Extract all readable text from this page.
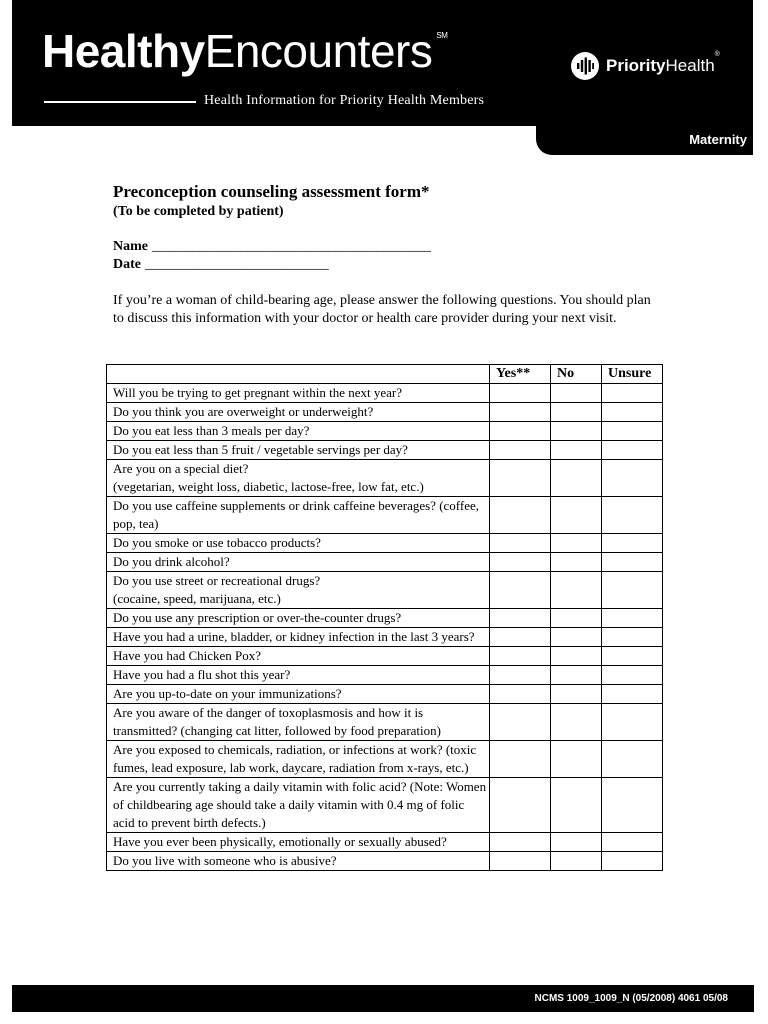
HealthyEncounters ℠
Health Information for Priority Health Members
PriorityHealth®
Maternity
Preconception counseling assessment form*
(To be completed by patient)
Name _________________________________________
Date ___________________________
If you’re a woman of child-bearing age, please answer the following questions. You should plan to discuss this information with your doctor or health care provider during your next visit.
	Yes**	No	Unsure
Will you be trying to get pregnant within the next year?			
Do you think you are overweight or underweight?			
Do you eat less than 3 meals per day?			
Do you eat less than 5 fruit / vegetable servings per day?			

Are you on a special diet?
(vegetarian, weight loss, diabetic, lactose-free, low fat, etc.)			

Do you use caffeine supplements or drink caffeine beverages? (coffee, pop, tea)			
Do you smoke or use tobacco products?			
Do you drink alcohol?			

Do you use street or recreational drugs?
(cocaine, speed, marijuana, etc.)			

Do you use any prescription or over-the-counter drugs?			
Have you had a urine, bladder, or kidney infection in the last 3 years?			
Have you had Chicken Pox?			
Have you had a flu shot this year?			
Are you up-to-date on your immunizations?			
Are you aware of the danger of toxoplasmosis and how it is transmitted? (changing cat litter, followed by food preparation)			
Are you exposed to chemicals, radiation, or infections at work? (toxic fumes, lead exposure, lab work, daycare, radiation from x-rays, etc.)			
Are you currently taking a daily vitamin with folic acid? (Note: Women of childbearing age should take a daily vitamin with 0.4 mg of folic acid to prevent birth defects.)			
Have you ever been physically, emotionally or sexually abused?			
Do you live with someone who is abusive?			
NCMS 1009_1009_N (05/2008) 4061 05/08
